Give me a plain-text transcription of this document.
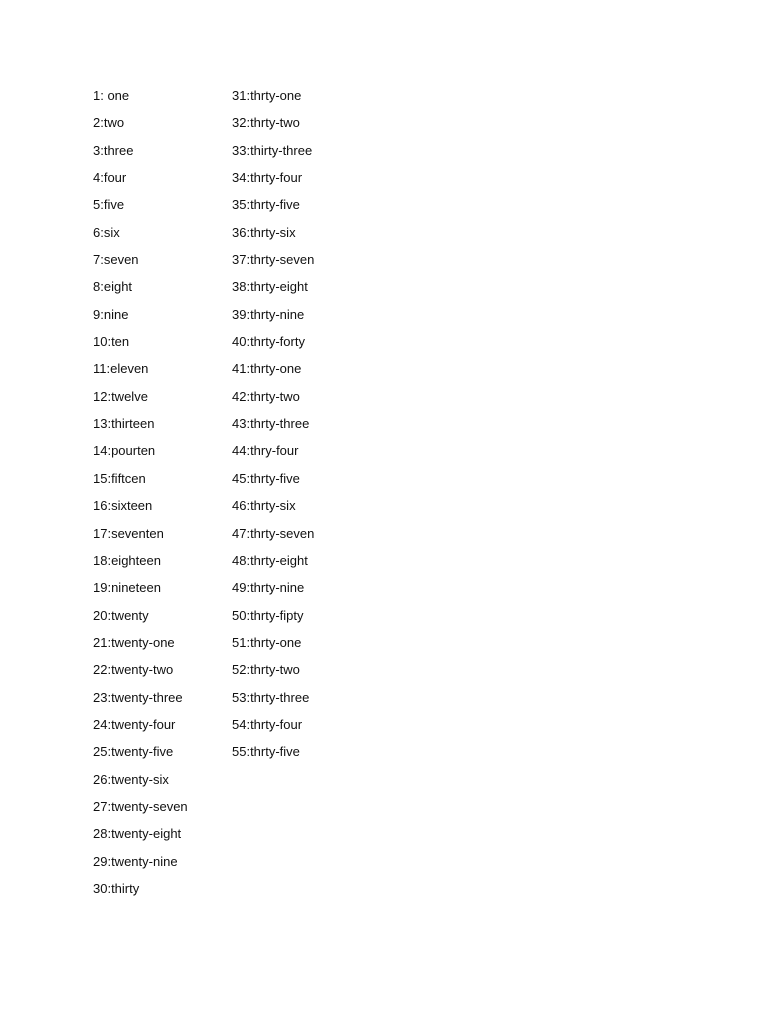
1: one
2:two
3:three
4:four
5:five
6:six
7:seven
8:eight
9:nine
10:ten
11:eleven
12:twelve
13:thirteen
14:pourten
15:fiftcen
16:sixteen
17:seventen
18:eighteen
19:nineteen
20:twenty
21:twenty-one
22:twenty-two
23:twenty-three
24:twenty-four
25:twenty-five
26:twenty-six
27:twenty-seven
28:twenty-eight
29:twenty-nine
30:thirty
31:thrty-one
32:thrty-two
33:thirty-three
34:thrty-four
35:thrty-five
36:thrty-six
37:thrty-seven
38:thrty-eight
39:thrty-nine
40:thrty-forty
41:thrty-one
42:thrty-two
43:thrty-three
44:thry-four
45:thrty-five
46:thrty-six
47:thrty-seven
48:thrty-eight
49:thrty-nine
50:thrty-fipty
51:thrty-one
52:thrty-two
53:thrty-three
54:thrty-four
55:thrty-five
